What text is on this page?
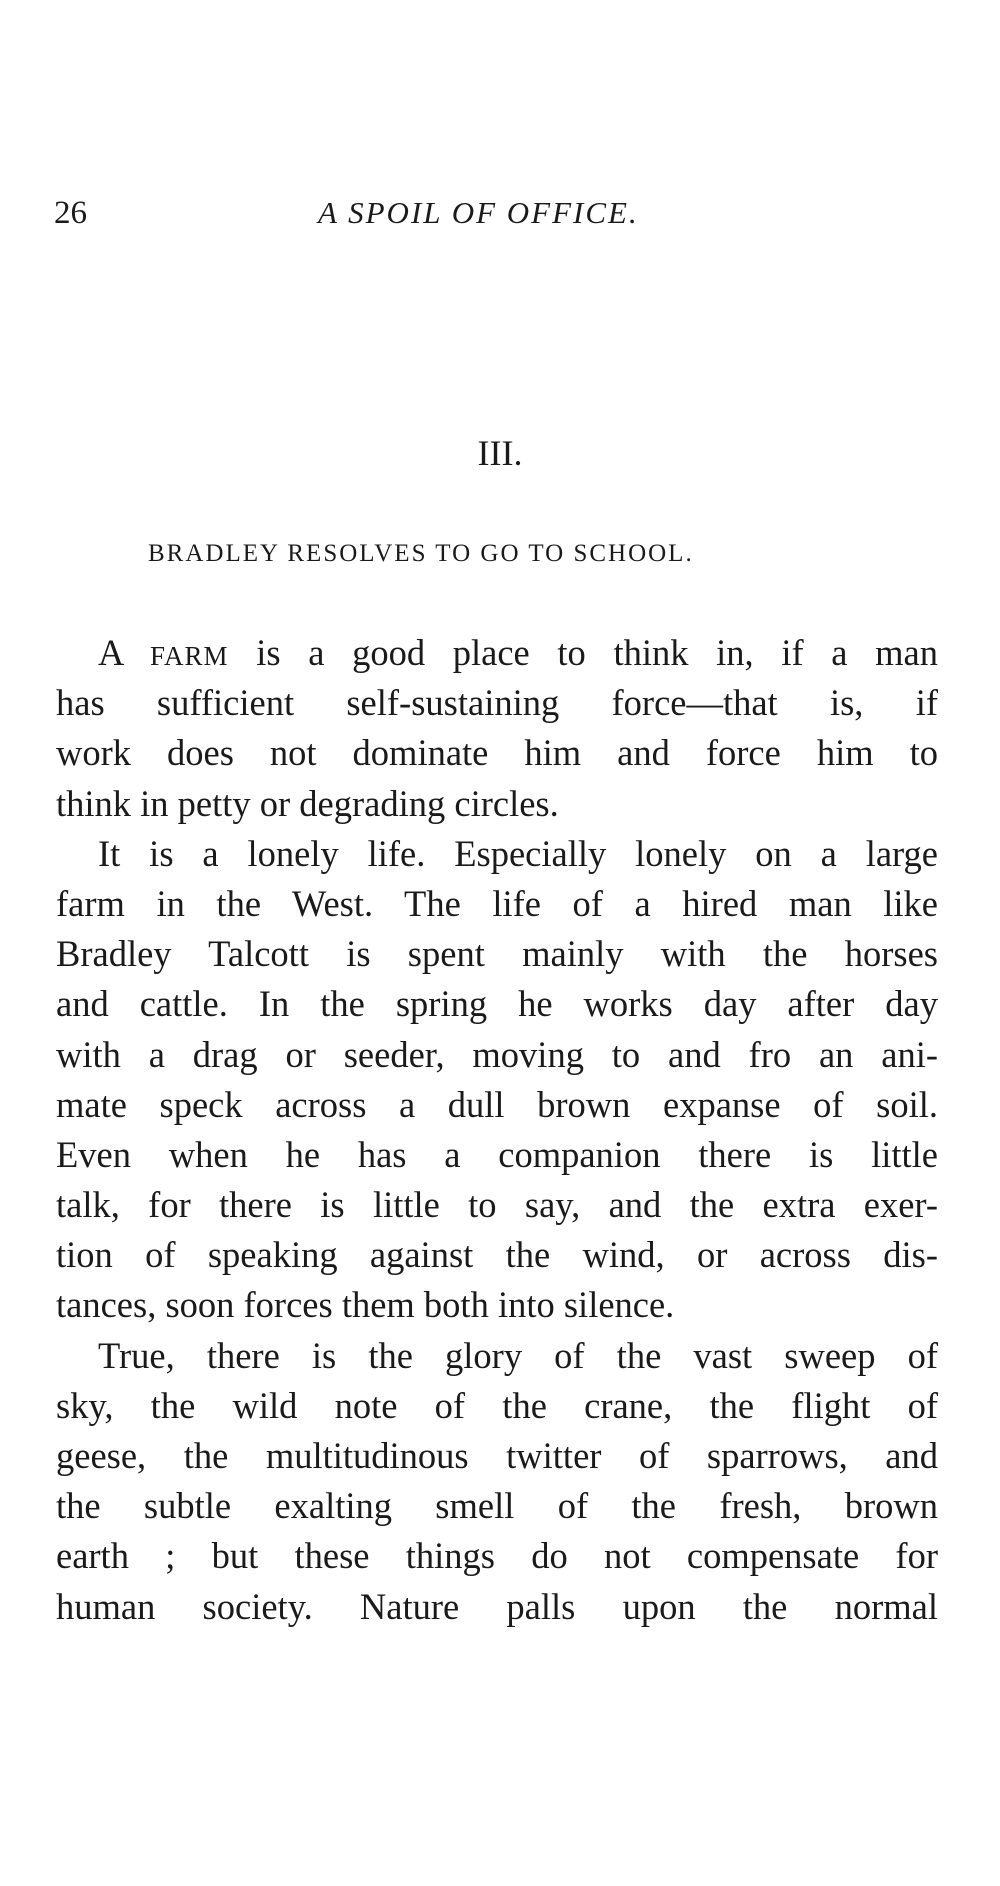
26	A SPOIL OF OFFICE.
III.
BRADLEY RESOLVES TO GO TO SCHOOL.
A FARM is a good place to think in, if a man
has sufficient self-sustaining force—that is, if
work does not dominate him and force him to
think in petty or degrading circles.
It is a lonely life. Especially lonely on a large
farm in the West. The life of a hired man like
Bradley Talcott is spent mainly with the horses
and cattle. In the spring he works day after day
with a drag or seeder, moving to and fro an ani-
mate speck across a dull brown expanse of soil.
Even when he has a companion there is little
talk, for there is little to say, and the extra exer-
tion of speaking against the wind, or across dis-
tances, soon forces them both into silence.
True, there is the glory of the vast sweep of
sky, the wild note of the crane, the flight of
geese, the multitudinous twitter of sparrows, and
the subtle exalting smell of the fresh, brown
earth ; but these things do not compensate for
human society. Nature palls upon the normal
